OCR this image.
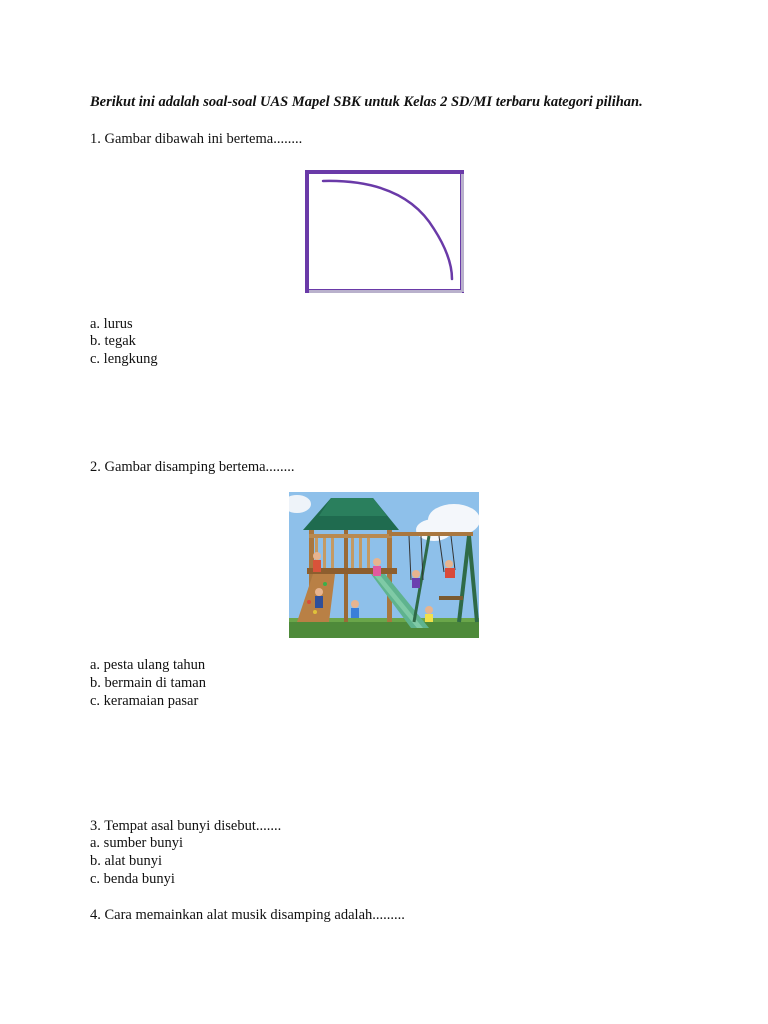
Berikut ini adalah soal-soal UAS Mapel SBK untuk Kelas 2 SD/MI terbaru kategori pilihan.
1. Gambar dibawah ini bertema........
a. lurus
b. tegak
c. lengkung
2. Gambar disamping bertema........
a. pesta ulang tahun
b. bermain di taman
c. keramaian pasar
3. Tempat asal bunyi disebut.......
a. sumber bunyi
b. alat bunyi
c. benda bunyi
4. Cara memainkan alat musik disamping adalah.........
